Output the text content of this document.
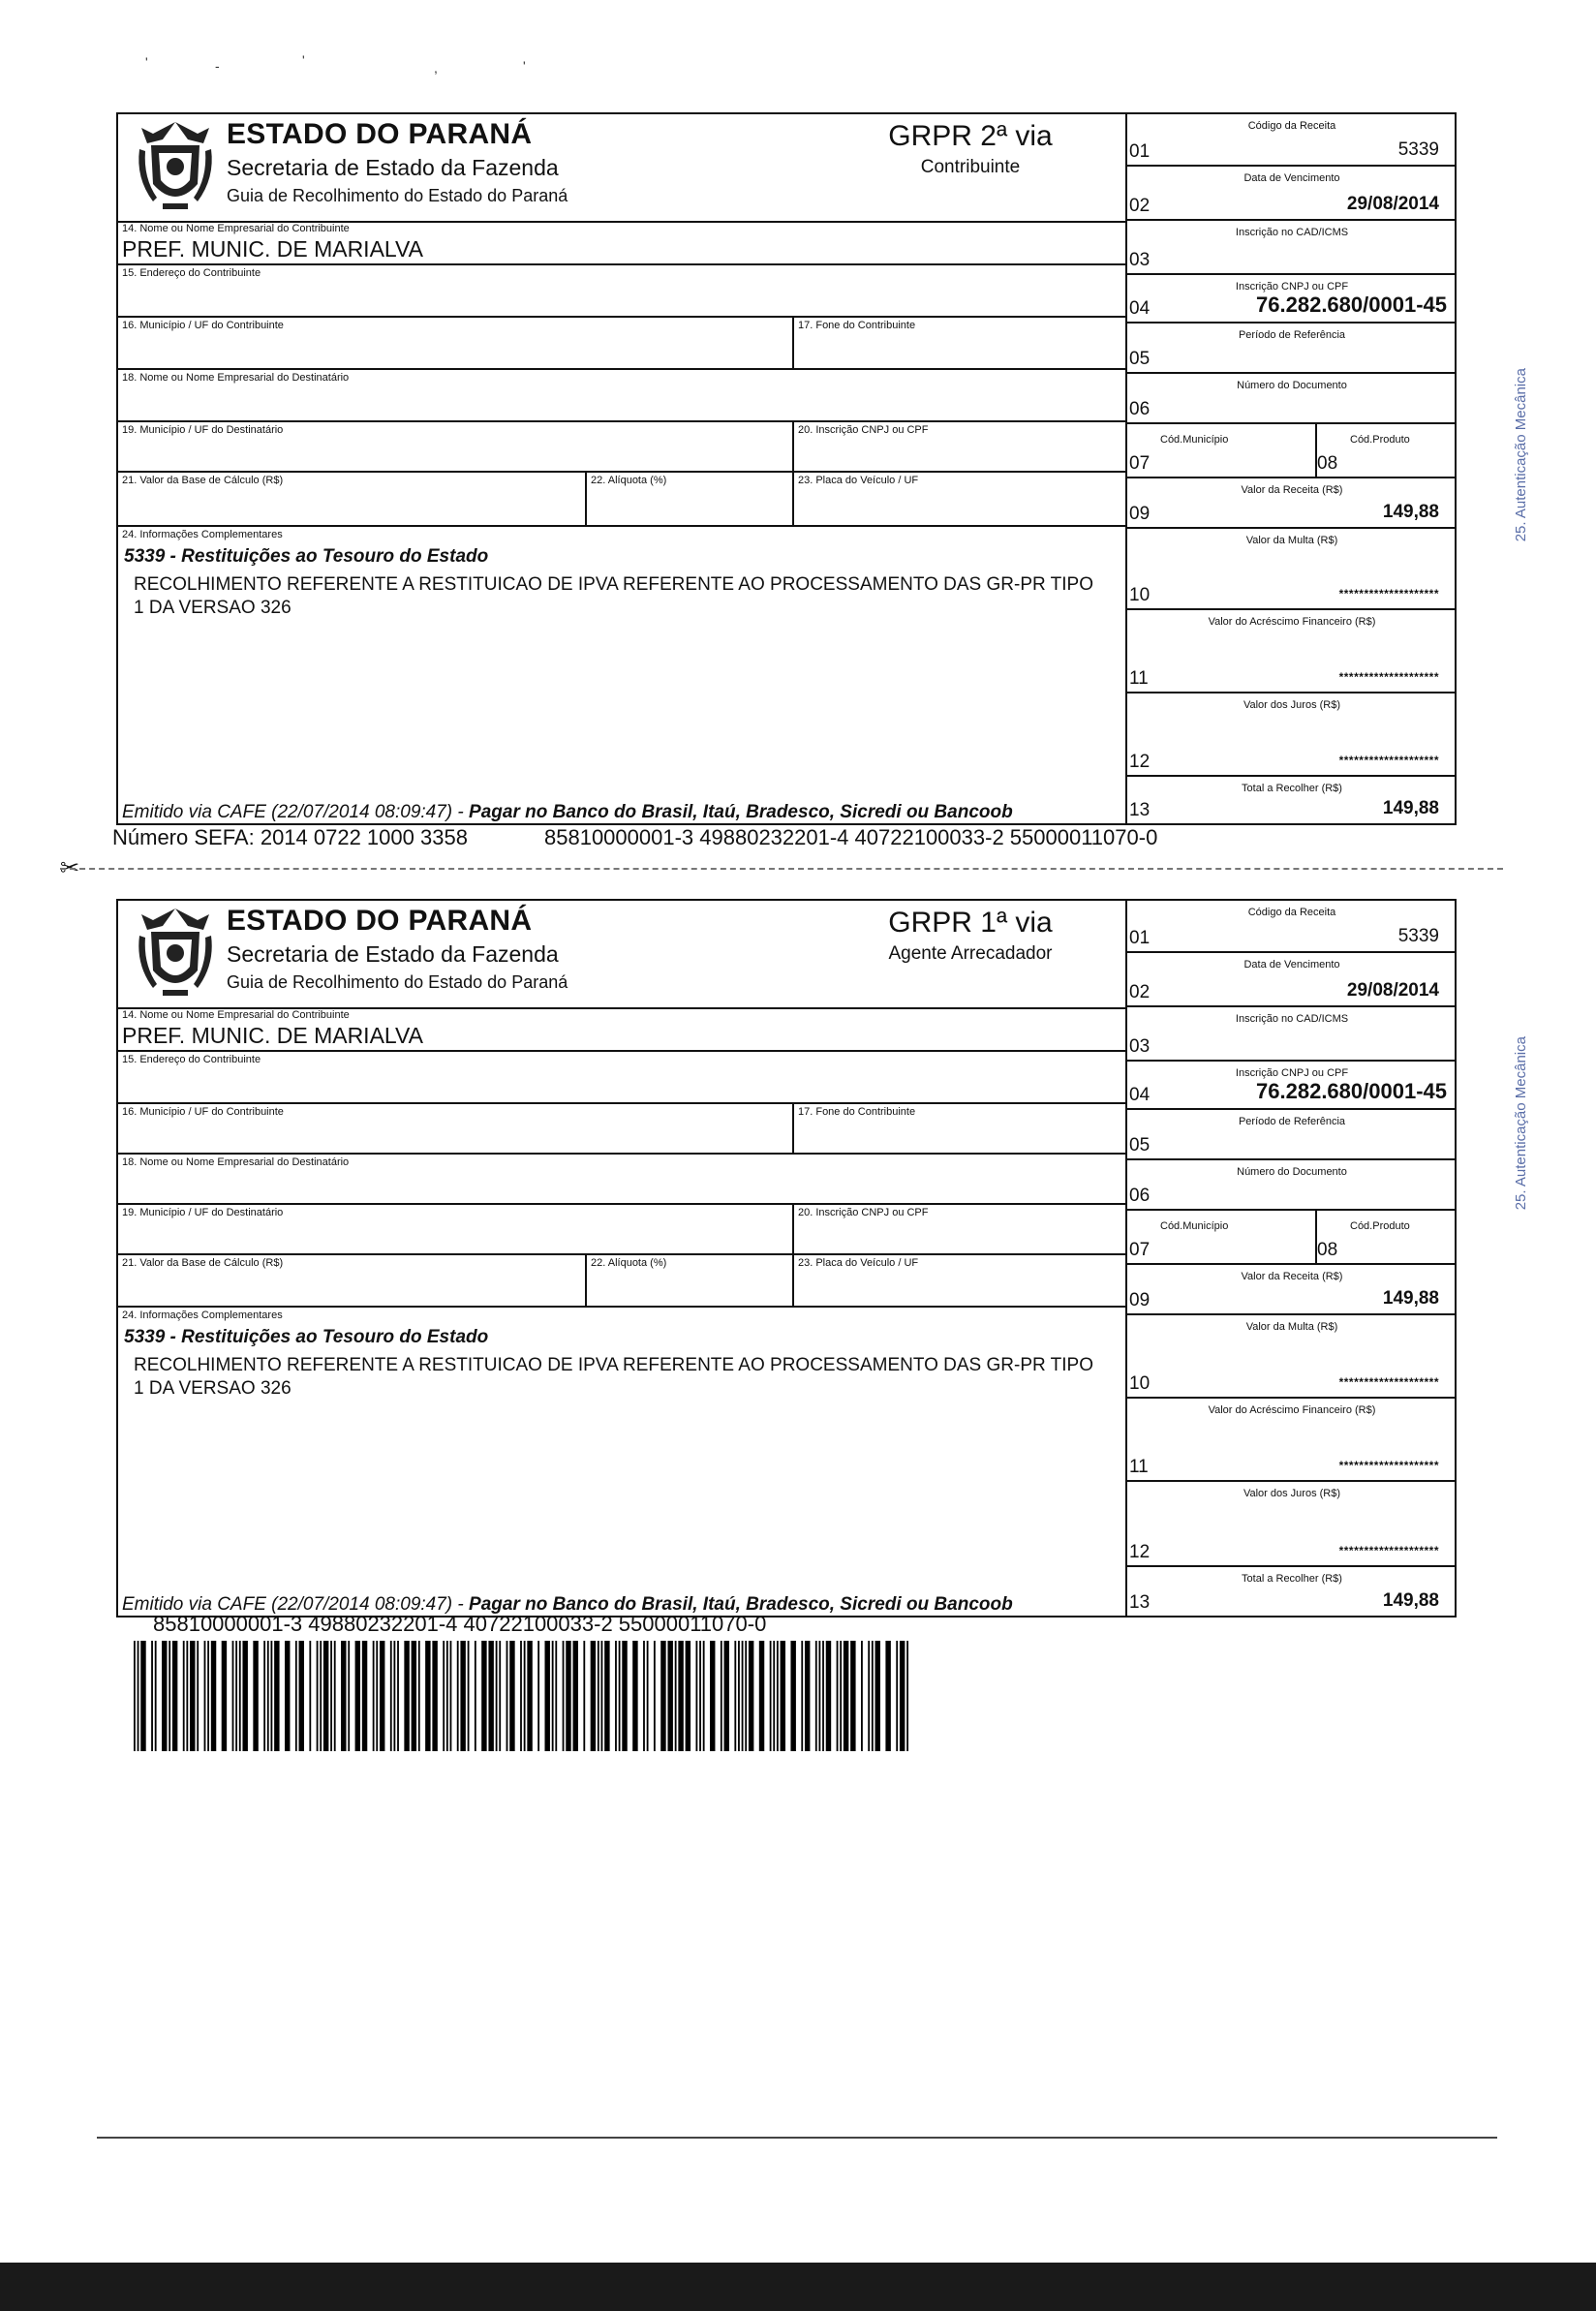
'	-	'	,	'
ESTADO DO PARANÁ
Secretaria de Estado da Fazenda
Guia de Recolhimento do Estado do Paraná
GRPR 2ª via
Contribuinte
14. Nome ou Nome Empresarial do Contribuinte
PREF. MUNIC. DE MARIALVA
15. Endereço do Contribuinte
16. Município / UF do Contribuinte	17. Fone do Contribuinte
18. Nome ou Nome Empresarial do Destinatário
19. Município / UF do Destinatário	20. Inscrição CNPJ ou CPF
21. Valor da Base de Cálculo (R$)	22. Alíquota (%)	23. Placa do Veículo / UF
24. Informações Complementares
5339 - Restituições ao Tesouro do Estado
RECOLHIMENTO REFERENTE A RESTITUICAO DE IPVA REFERENTE AO PROCESSAMENTO DAS GR-PR TIPO 1 DA VERSAO 326
Emitido via CAFE (22/07/2014 08:09:47) - Pagar no Banco do Brasil, Itaú, Bradesco, Sicredi ou Bancoob
Código da Receita
01	5339
Data de Vencimento
02	29/08/2014
Inscrição no CAD/ICMS
03
Inscrição CNPJ ou CPF
04	76.282.680/0001-45
Período de Referência
05
Número do Documento
06
Cód.Município
07
Cód.Produto
08
Valor da Receita (R$)
09	149,88
Valor da Multa (R$)
10	********************
Valor do Acréscimo Financeiro (R$)
11	********************
Valor dos Juros (R$)
12	********************
Total a Recolher (R$)
13	149,88
Número SEFA: 2014 0722 1000 3358	85810000001-3 49880232201-4 40722100033-2 55000011070-0
✂
25. Autenticação Mecânica
ESTADO DO PARANÁ
Secretaria de Estado da Fazenda
Guia de Recolhimento do Estado do Paraná
GRPR 1ª via
Agente Arrecadador
14. Nome ou Nome Empresarial do Contribuinte
PREF. MUNIC. DE MARIALVA
15. Endereço do Contribuinte
16. Município / UF do Contribuinte	17. Fone do Contribuinte
18. Nome ou Nome Empresarial do Destinatário
19. Município / UF do Destinatário	20. Inscrição CNPJ ou CPF
21. Valor da Base de Cálculo (R$)	22. Alíquota (%)	23. Placa do Veículo / UF
24. Informações Complementares
5339 - Restituições ao Tesouro do Estado
RECOLHIMENTO REFERENTE A RESTITUICAO DE IPVA REFERENTE AO PROCESSAMENTO DAS GR-PR TIPO 1 DA VERSAO 326
Emitido via CAFE (22/07/2014 08:09:47) - Pagar no Banco do Brasil, Itaú, Bradesco, Sicredi ou Bancoob
Código da Receita
01	5339
Data de Vencimento
02	29/08/2014
Inscrição no CAD/ICMS
03
Inscrição CNPJ ou CPF
04	76.282.680/0001-45
Período de Referência
05
Número do Documento
06
Cód.Município
07
Cód.Produto
08
Valor da Receita (R$)
09	149,88
Valor da Multa (R$)
10	********************
Valor do Acréscimo Financeiro (R$)
11	********************
Valor dos Juros (R$)
12	********************
Total a Recolher (R$)
13	149,88
25. Autenticação Mecânica
85810000001-3 49880232201-4 40722100033-2 55000011070-0
